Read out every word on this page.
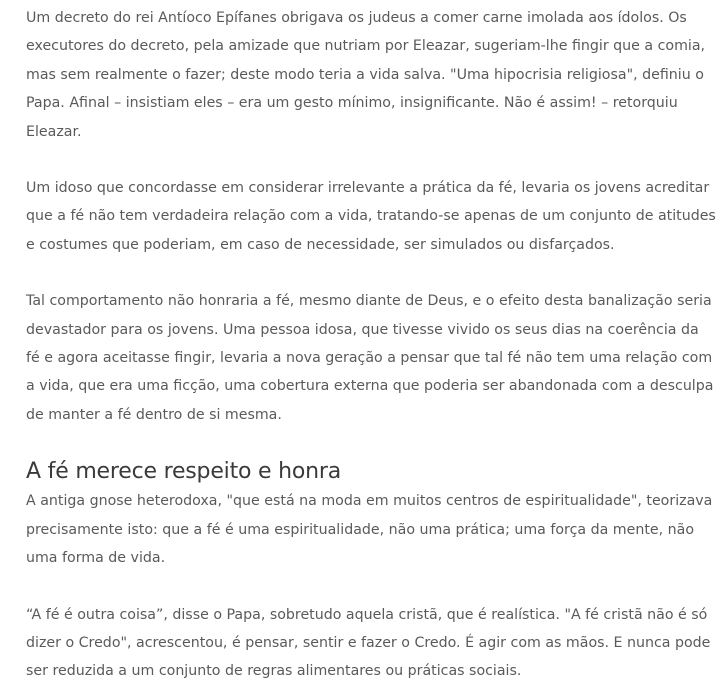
Um decreto do rei Antíoco Epífanes obrigava os judeus a comer carne imolada aos ídolos. Os executores do decreto, pela amizade que nutriam por Eleazar, sugeriam-lhe fingir que a comia, mas sem realmente o fazer; deste modo teria a vida salva. "Uma hipocrisia religiosa", definiu o Papa. Afinal – insistiam eles – era um gesto mínimo, insignificante. Não é assim! – retorquiu Eleazar.

Um idoso que concordasse em considerar irrelevante a prática da fé, levaria os jovens acreditar que a fé não tem verdadeira relação com a vida, tratando-se apenas de um conjunto de atitudes e costumes que poderiam, em caso de necessidade, ser simulados ou disfarçados.

Tal comportamento não honraria a fé, mesmo diante de Deus, e o efeito desta banalização seria devastador para os jovens. Uma pessoa idosa, que tivesse vivido os seus dias na coerência da fé e agora aceitasse fingir, levaria a nova geração a pensar que tal fé não tem uma relação com a vida, que era uma ficção, uma cobertura externa que poderia ser abandonada com a desculpa de manter a fé dentro de si mesma.

A fé merece respeito e honra

A antiga gnose heterodoxa, "que está na moda em muitos centros de espiritualidade", teorizava precisamente isto: que a fé é uma espiritualidade, não uma prática; uma força da mente, não uma forma de vida.

“A fé é outra coisa”, disse o Papa, sobretudo aquela cristã, que é realística. "A fé cristã não é só dizer o Credo", acrescentou, é pensar, sentir e fazer o Credo. É agir com as mãos. E nunca pode ser reduzida a um conjunto de regras alimentares ou práticas sociais.
